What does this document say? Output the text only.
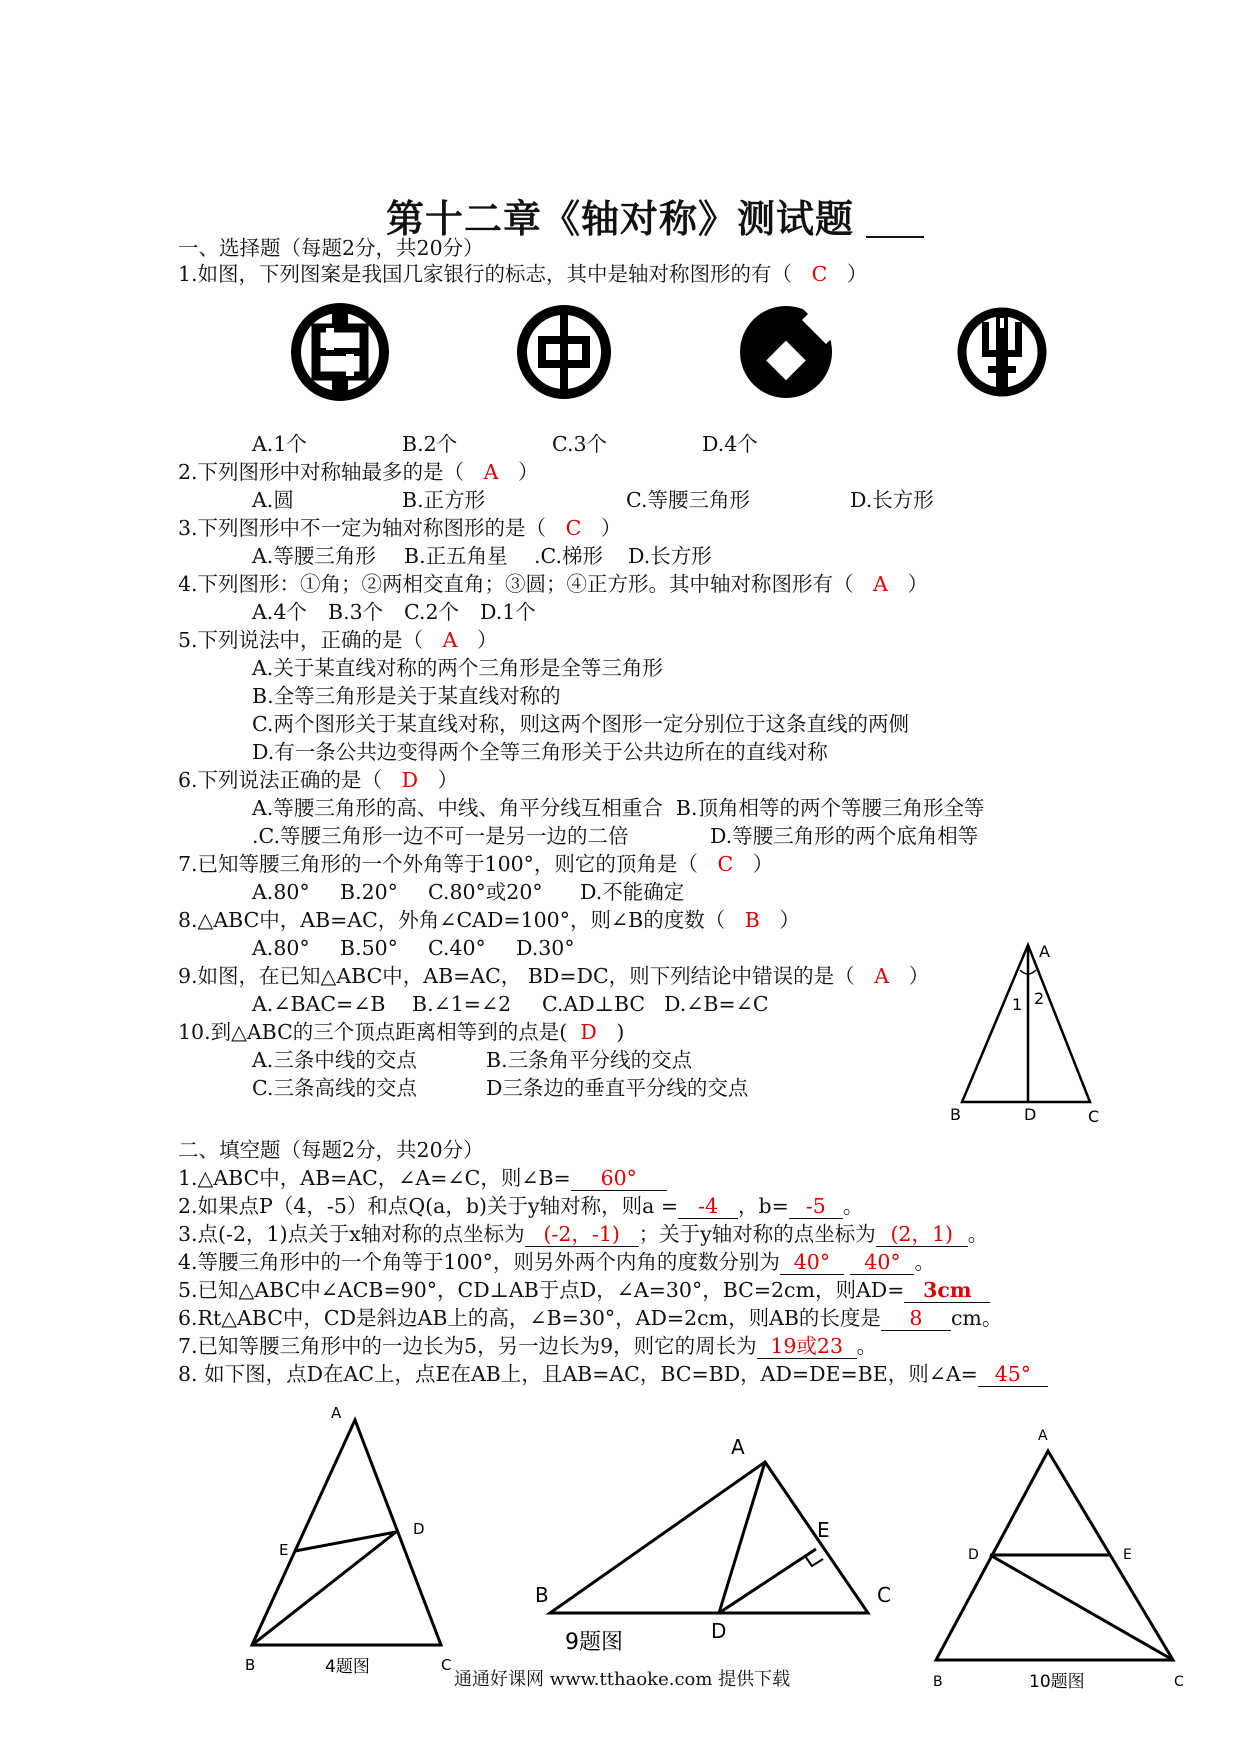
第十二章《轴对称》测试题
一、选择题（每题2分，共20分）
1.如图，下列图案是我国几家银行的标志，其中是轴对称图形的有（ C ）
A.1个	B.2个	C.3个	D.4个
2.下列图形中对称轴最多的是（ A ）
A.圆	B.正方形	C.等腰三角形	D.长方形
3.下列图形中不一定为轴对称图形的是（ C ）
A.等腰三角形 B.正五角星 .C.梯形 D.长方形
4.下列图形：①角；②两相交直角；③圆；④正方形。其中轴对称图形有（ A ）
A.4个 B.3个 C.2个 D.1个
5.下列说法中，正确的是（ A ）
A.关于某直线对称的两个三角形是全等三角形
B.全等三角形是关于某直线对称的
C.两个图形关于某直线对称，则这两个图形一定分别位于这条直线的两侧
D.有一条公共边变得两个全等三角形关于公共边所在的直线对称
6.下列说法正确的是（ D ）
A.等腰三角形的高、中线、角平分线互相重合 B.顶角相等的两个等腰三角形全等
.C.等腰三角形一边不可一是另一边的二倍	D.等腰三角形的两个底角相等
7.已知等腰三角形的一个外角等于100°，则它的顶角是（ C ）
A.80° B.20° C.80°或20° D.不能确定
8.△ABC中，AB=AC，外角∠CAD=100°，则∠B的度数（ B ）
A.80° B.50° C.40° D.30°
9.如图，在已知△ABC中，AB=AC， BD=DC，则下列结论中错误的是（ A ）
A.∠BAC=∠B B.∠1=∠2 C.AD⊥BC D.∠B=∠C
10.到△ABC的三个顶点距离相等到的点是( D )
A.三条中线的交点	B.三条角平分线的交点
C.三条高线的交点	D三条边的垂直平分线的交点
A
B	D	C
1 2
二、填空题（每题2分，共20分）
1.△ABC中，AB=AC，∠A=∠C，则∠B= 60°
2.如果点P（4，-5）和点Q(a，b)关于y轴对称，则a = -4 ，b= -5 。
3.点(-2，1)点关于x轴对称的点坐标为 (-2，-1) ；关于y轴对称的点坐标为 (2，1) 。
4.等腰三角形中的一个角等于100°，则另外两个内角的度数分别为 40° 40° 。
5.已知△ABC中∠ACB=90°，CD⊥AB于点D，∠A=30°，BC=2cm，则AD= 3cm
6.Rt△ABC中，CD是斜边AB上的高，∠B=30°，AD=2cm，则AB的长度是 8 cm。
7.已知等腰三角形中的一边长为5，另一边长为9，则它的周长为 19或23 。
8. 如下图，点D在AC上，点E在AB上，且AB=AC，BC=BD，AD=DE=BE，则∠A= 45°
A
E
D
B	C
4题图
A
B
E
C
D
9题图
A
D	E
B	C
10题图
通通好课网 www.tthaoke.com 提供下载
